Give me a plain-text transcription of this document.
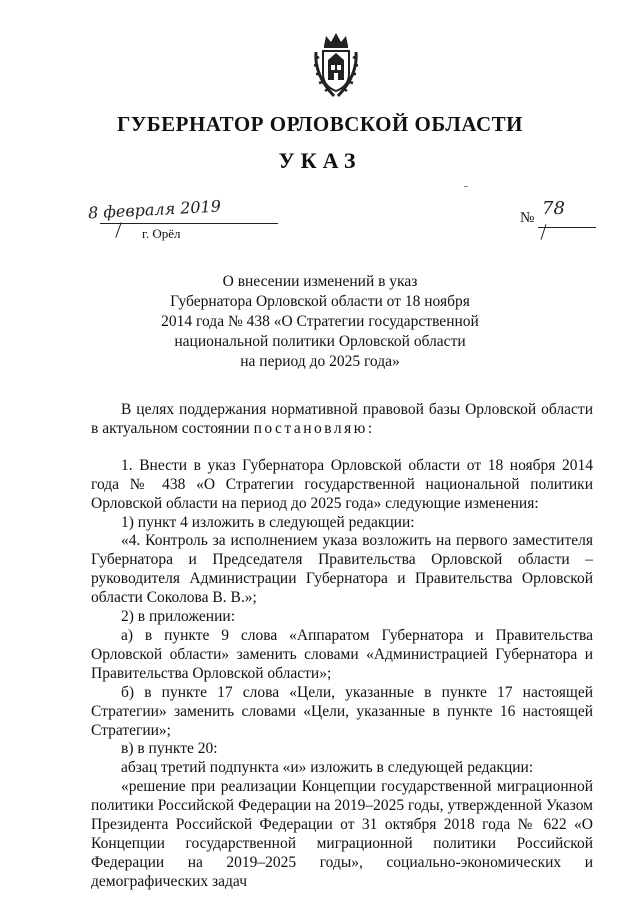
ГУБЕРНАТОР ОРЛОВСКОЙ ОБЛАСТИ
УКАЗ
8 февраля 2019
г. Орёл
№ 78
О внесении изменений в указ
Губернатора Орловской области от 18 ноября
2014 года № 438 «О Стратегии государственной
национальной политики Орловской области
на период до 2025 года»

В целях поддержания нормативной правовой базы Орловской области в актуальном состоянии постановляю:

1. Внести в указ Губернатора Орловской области от 18 ноября 2014 года № 438 «О Стратегии государственной национальной политики Орловской области на период до 2025 года» следующие изменения:

1) пункт 4 изложить в следующей редакции:

«4. Контроль за исполнением указа возложить на первого заместителя Губернатора и Председателя Правительства Орловской области – руководителя Администрации Губернатора и Правительства Орловской области Соколова В. В.»;

2) в приложении:

а) в пункте 9 слова «Аппаратом Губернатора и Правительства Орловской области» заменить словами «Администрацией Губернатора и Правительства Орловской области»;

б) в пункте 17 слова «Цели, указанные в пункте 17 настоящей Стратегии» заменить словами «Цели, указанные в пункте 16 настоящей Стратегии»;

в) в пункте 20:

абзац третий подпункта «и» изложить в следующей редакции:

«решение при реализации Концепции государственной миграционной политики Российской Федерации на 2019–2025 годы, утвержденной Указом Президента Российской Федерации от 31 октября 2018 года № 622 «О Концепции государственной миграционной политики Российской Федерации на 2019–2025 годы», социально-экономических и демографических задач
